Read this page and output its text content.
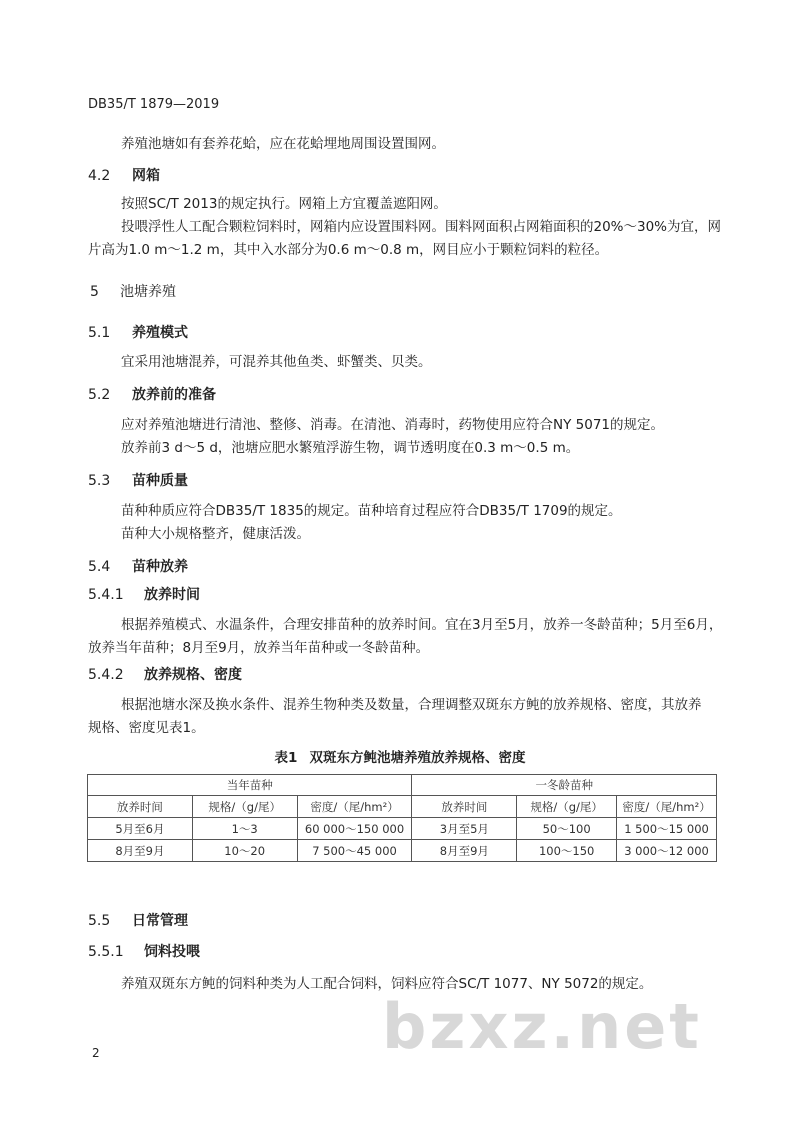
DB35/T 1879—2019
养殖池塘如有套养花蛤，应在花蛤埋地周围设置围网。
4.2 网箱
按照SC/T 2013的规定执行。网箱上方宜覆盖遮阳网。
投喂浮性人工配合颗粒饲料时，网箱内应设置围料网。围料网面积占网箱面积的20%～30%为宜，网
片高为1.0 m～1.2 m，其中入水部分为0.6 m～0.8 m，网目应小于颗粒饲料的粒径。
5 池塘养殖
5.1 养殖模式
宜采用池塘混养，可混养其他鱼类、虾蟹类、贝类。
5.2 放养前的准备
应对养殖池塘进行清池、整修、消毒。在清池、消毒时，药物使用应符合NY 5071的规定。
放养前3 d～5 d，池塘应肥水繁殖浮游生物，调节透明度在0.3 m～0.5 m。
5.3 苗种质量
苗种种质应符合DB35/T 1835的规定。苗种培育过程应符合DB35/T 1709的规定。
苗种大小规格整齐，健康活泼。
5.4 苗种放养
5.4.1 放养时间
根据养殖模式、水温条件，合理安排苗种的放养时间。宜在3月至5月，放养一冬龄苗种；5月至6月，
放养当年苗种；8月至9月，放养当年苗种或一冬龄苗种。
5.4.2 放养规格、密度
根据池塘水深及换水条件、混养生物种类及数量，合理调整双斑东方鲀的放养规格、密度，其放养
规格、密度见表1。
表1 双斑东方鲀池塘养殖放养规格、密度
当年苗种			一冬龄苗种		
放养时间	规格/（g/尾）	密度/（尾/hm²）	放养时间	规格/（g/尾）	密度/（尾/hm²）
5月至6月	1～3	60 000～150 000	3月至5月	50～100	1 500～15 000
8月至9月	10～20	7 500～45 000	8月至9月	100～150	3 000～12 000
5.5 日常管理
5.5.1 饲料投喂
养殖双斑东方鲀的饲料种类为人工配合饲料，饲料应符合SC/T 1077、NY 5072的规定。
bzxz.net
2
